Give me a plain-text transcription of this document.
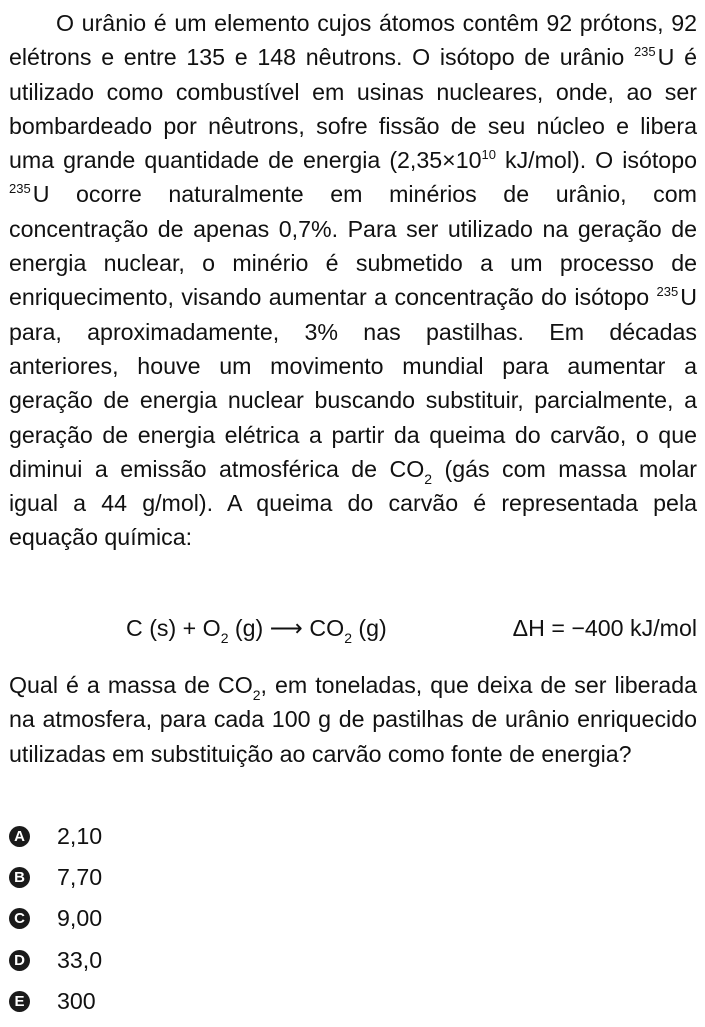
O urânio é um elemento cujos átomos contêm 92 prótons, 92 elétrons e entre 135 e 148 nêutrons. O isótopo de urânio $^{235}$U é utilizado como combustível em usinas nucleares, onde, ao ser bombardeado por nêutrons, sofre fissão de seu núcleo e libera uma grande quantidade de energia ($2,35\times 10^{10}$ kJ/mol). O isótopo $^{235}$U ocorre naturalmente em minérios de urânio, com concentração de apenas 0,7%. Para ser utilizado na geração de energia nuclear, o minério é submetido a um processo de enriquecimento, visando aumentar a concentração do isótopo $^{235}$U para, aproximadamente, 3% nas pastilhas. Em décadas anteriores, houve um movimento mundial para aumentar a geração de energia nuclear buscando substituir, parcialmente, a geração de energia elétrica a partir da queima do carvão, o que diminui a emissão atmosférica de $CO_2$ (gás com massa molar igual a 44 g/mol). A queima do carvão é representada pela equação química:

C $(s) + O_2$ (g) ⟶ $CO_2$ (g)	ΔH = −400 kJ/mol

Qual é a massa de $CO_2$, em toneladas, que deixa de ser liberada na atmosfera, para cada 100 g de pastilhas de urânio enriquecido utilizadas em substituição ao carvão como fonte de energia?

A 2,10
B 7,70
C 9,00
D 33,0
E 300
